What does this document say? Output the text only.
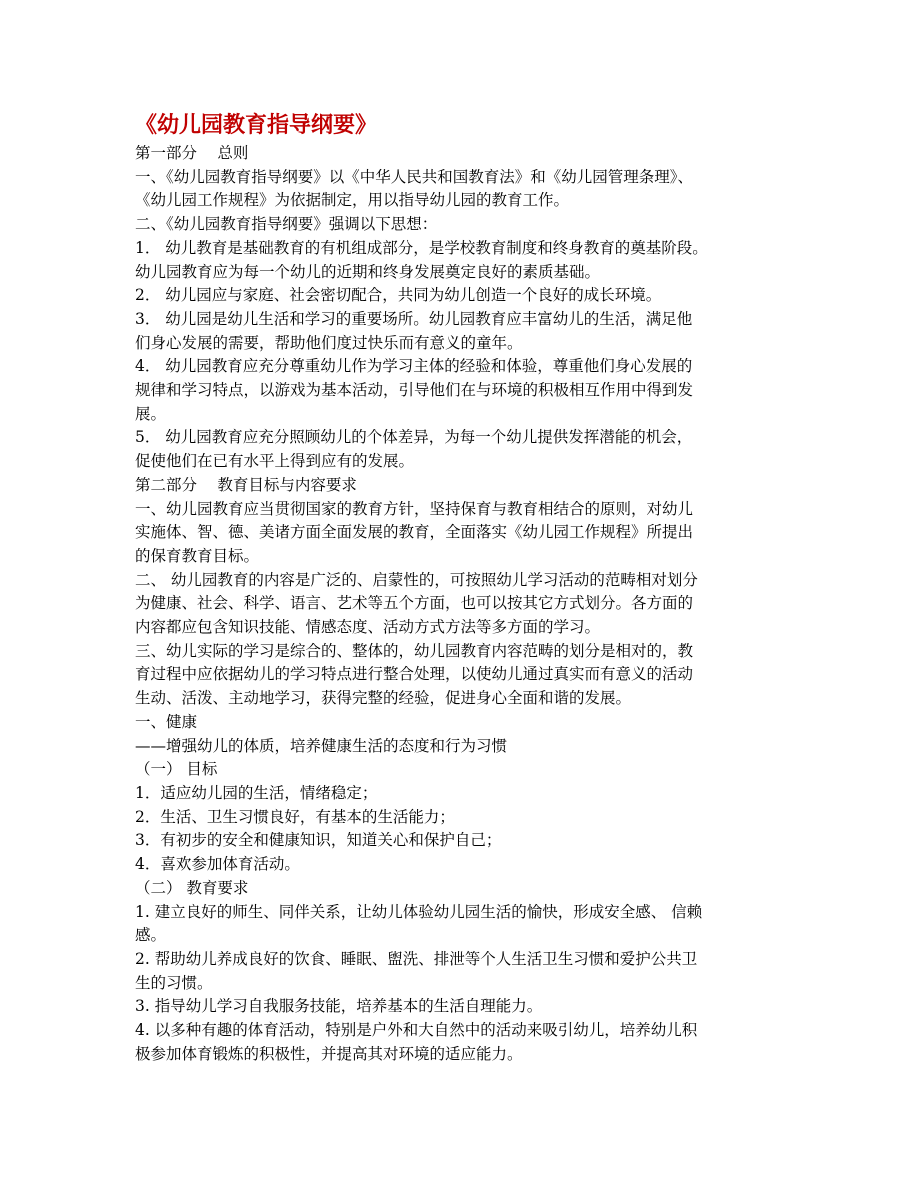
《幼儿园教育指导纲要》

第一部分　 总则

一、《幼儿园教育指导纲要》以《中华人民共和国教育法》和《幼儿园管理条理》、

《幼儿园工作规程》为依据制定，用以指导幼儿园的教育工作。

二、《幼儿园教育指导纲要》强调以下思想：

1． 幼儿教育是基础教育的有机组成部分，是学校教育制度和终身教育的奠基阶段。

幼儿园教育应为每一个幼儿的近期和终身发展奠定良好的素质基础。

2． 幼儿园应与家庭、社会密切配合，共同为幼儿创造一个良好的成长环境。

3． 幼儿园是幼儿生活和学习的重要场所。幼儿园教育应丰富幼儿的生活，满足他

们身心发展的需要，帮助他们度过快乐而有意义的童年。

4． 幼儿园教育应充分尊重幼儿作为学习主体的经验和体验，尊重他们身心发展的

规律和学习特点，以游戏为基本活动，引导他们在与环境的积极相互作用中得到发

展。

5． 幼儿园教育应充分照顾幼儿的个体差异，为每一个幼儿提供发挥潜能的机会，

促使他们在已有水平上得到应有的发展。

第二部分　 教育目标与内容要求

一、幼儿园教育应当贯彻国家的教育方针，坚持保育与教育相结合的原则，对幼儿

实施体、智、德、美诸方面全面发展的教育，全面落实《幼儿园工作规程》所提出

的保育教育目标。

二、 幼儿园教育的内容是广泛的、启蒙性的，可按照幼儿学习活动的范畴相对划分

为健康、社会、科学、语言、艺术等五个方面，也可以按其它方式划分。各方面的

内容都应包含知识技能、情感态度、活动方式方法等多方面的学习。

三、幼儿实际的学习是综合的、整体的，幼儿园教育内容范畴的划分是相对的，教

育过程中应依据幼儿的学习特点进行整合处理，以使幼儿通过真实而有意义的活动

生动、活泼、主动地学习，获得完整的经验，促进身心全面和谐的发展。

一、健康

——增强幼儿的体质，培养健康生活的态度和行为习惯

（一） 目标

1．适应幼儿园的生活，情绪稳定；

2．生活、卫生习惯良好，有基本的生活能力；

3．有初步的安全和健康知识，知道关心和保护自己；

4．喜欢参加体育活动。

（二） 教育要求

1. 建立良好的师生、同伴关系，让幼儿体验幼儿园生活的愉快，形成安全感、 信赖

感。

2. 帮助幼儿养成良好的饮食、睡眠、盥洗、排泄等个人生活卫生习惯和爱护公共卫

生的习惯。

3. 指导幼儿学习自我服务技能，培养基本的生活自理能力。

4. 以多种有趣的体育活动，特别是户外和大自然中的活动来吸引幼儿，培养幼儿积

极参加体育锻炼的积极性，并提高其对环境的适应能力。
